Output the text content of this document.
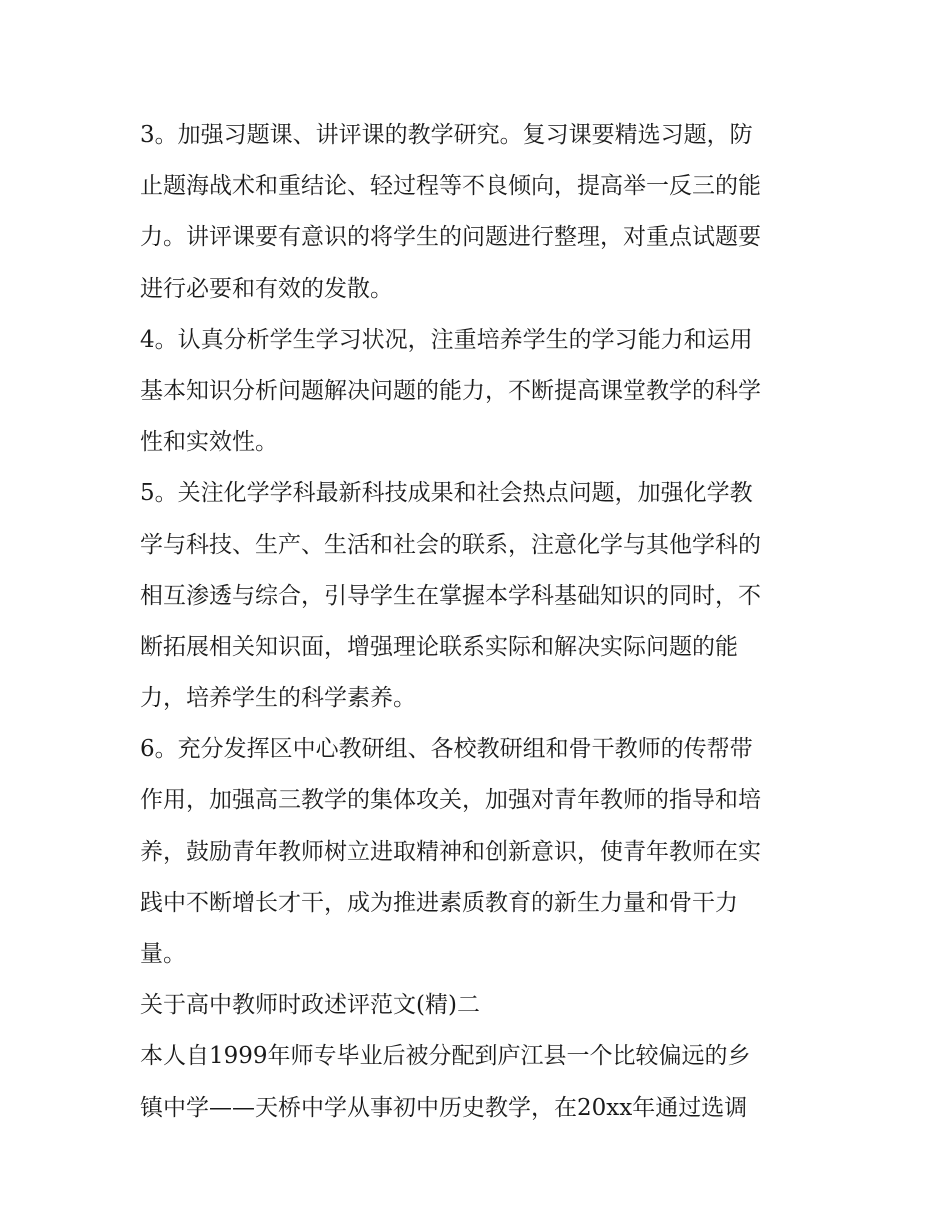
3。加强习题课、讲评课的教学研究。复习课要精选习题，防
止题海战术和重结论、轻过程等不良倾向，提高举一反三的能
力。讲评课要有意识的将学生的问题进行整理，对重点试题要
进行必要和有效的发散。
4。认真分析学生学习状况，注重培养学生的学习能力和运用
基本知识分析问题解决问题的能力，不断提高课堂教学的科学
性和实效性。
5。关注化学学科最新科技成果和社会热点问题，加强化学教
学与科技、生产、生活和社会的联系，注意化学与其他学科的
相互渗透与综合，引导学生在掌握本学科基础知识的同时，不
断拓展相关知识面，增强理论联系实际和解决实际问题的能
力，培养学生的科学素养。
6。充分发挥区中心教研组、各校教研组和骨干教师的传帮带
作用，加强高三教学的集体攻关，加强对青年教师的指导和培
养，鼓励青年教师树立进取精神和创新意识，使青年教师在实
践中不断增长才干，成为推进素质教育的新生力量和骨干力
量。
关于高中教师时政述评范文(精)二
本人自1999年师专毕业后被分配到庐江县一个比较偏远的乡
镇中学——天桥中学从事初中历史教学，在20xx年通过选调
